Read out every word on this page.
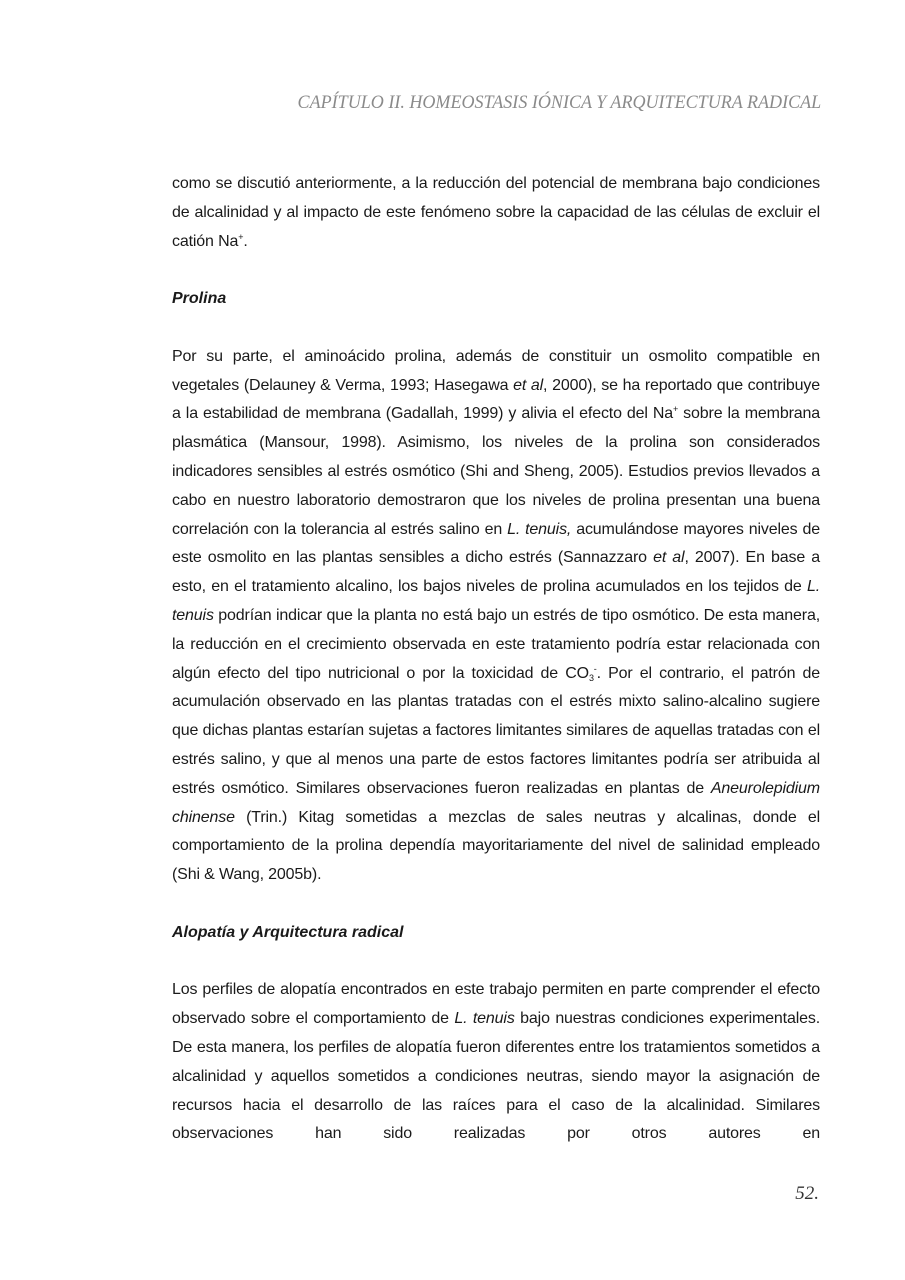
CAPÍTULO II. HOMEOSTASIS IÓNICA Y ARQUITECTURA RADICAL

como se discutió anteriormente, a la reducción del potencial de membrana bajo condiciones de alcalinidad y al impacto de este fenómeno sobre la capacidad de las células de excluir el catión Na+.

Prolina

Por su parte, el aminoácido prolina, además de constituir un osmolito compatible en vegetales (Delauney & Verma, 1993; Hasegawa et al, 2000), se ha reportado que contribuye a la estabilidad de membrana (Gadallah, 1999) y alivia el efecto del Na+ sobre la membrana plasmática (Mansour, 1998). Asimismo, los niveles de la prolina son considerados indicadores sensibles al estrés osmótico (Shi and Sheng, 2005). Estudios previos llevados a cabo en nuestro laboratorio demostraron que los niveles de prolina presentan una buena correlación con la tolerancia al estrés salino en L. tenuis, acumulándose mayores niveles de este osmolito en las plantas sensibles a dicho estrés (Sannazzaro et al, 2007). En base a esto, en el tratamiento alcalino, los bajos niveles de prolina acumulados en los tejidos de L. tenuis podrían indicar que la planta no está bajo un estrés de tipo osmótico. De esta manera, la reducción en el crecimiento observada en este tratamiento podría estar relacionada con algún efecto del tipo nutricional o por la toxicidad de $CO_3^-$. Por el contrario, el patrón de acumulación observado en las plantas tratadas con el estrés mixto salino-alcalino sugiere que dichas plantas estarían sujetas a factores limitantes similares de aquellas tratadas con el estrés salino, y que al menos una parte de estos factores limitantes podría ser atribuida al estrés osmótico. Similares observaciones fueron realizadas en plantas de Aneurolepidium chinense (Trin.) Kitag sometidas a mezclas de sales neutras y alcalinas, donde el comportamiento de la prolina dependía mayoritariamente del nivel de salinidad empleado (Shi & Wang, 2005b).

Alopatía y Arquitectura radical

Los perfiles de alopatía encontrados en este trabajo permiten en parte comprender el efecto observado sobre el comportamiento de L. tenuis bajo nuestras condiciones experimentales. De esta manera, los perfiles de alopatía fueron diferentes entre los tratamientos sometidos a alcalinidad y aquellos sometidos a condiciones neutras, siendo mayor la asignación de recursos hacia el desarrollo de las raíces para el caso de la alcalinidad. Similares observaciones han sido realizadas por otros autores en

52.
